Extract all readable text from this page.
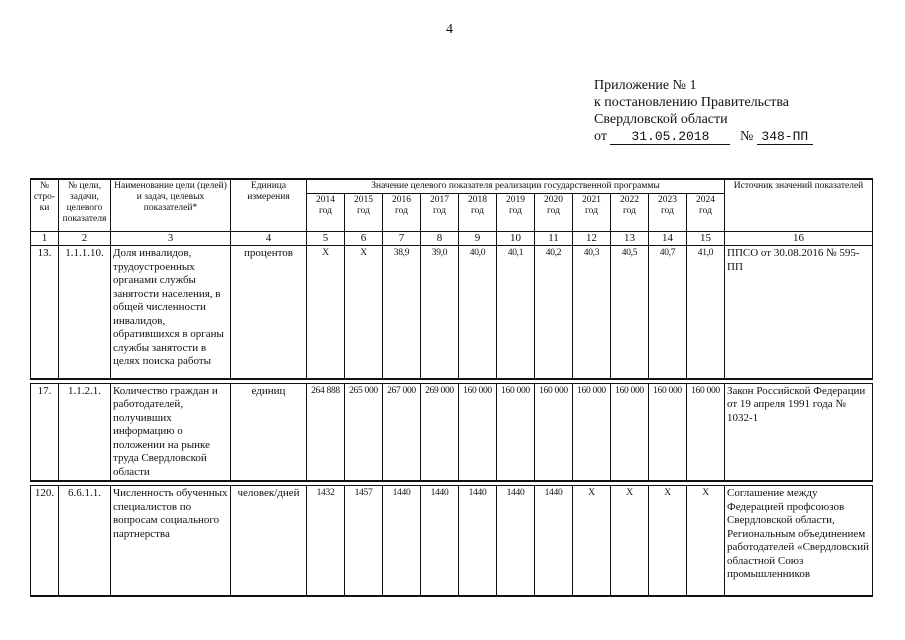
4
Приложение № 1
к постановлению Правительства
Свердловской области
от 31.05.2018 № 348-ПП
№ стро-ки	№ цели, задачи, целевого показателя	Наименование цели (целей) и задач, целевых показателей*	Единица измерения	Значение целевого показателя реализации государственной программы											Источник значений показателей
				2014 год	2015 год	2016 год	2017 год	2018 год	2019 год	2020 год	2021 год	2022 год	2023 год	2024 год	
1	2	3	4	5	6	7	8	9	10	11	12	13	14	15	16
13.	1.1.1.10.	Доля инвалидов, трудоустроенных органами службы занятости населения, в общей численности инвалидов, обратившихся в органы службы занятости в целях поиска работы	процентов	X	X	38,9	39,0	40,0	40,1	40,2	40,3	40,5	40,7	41,0	ППСО от 30.08.2016 № 595-ПП

17.	1.1.2.1.	Количество граждан и работодателей, получивших информацию о положении на рынке труда Свердловской области	единиц	264 888	265 000	267 000	269 000	160 000	160 000	160 000	160 000	160 000	160 000	160 000	Закон Российской Федерации от 19 апреля 1991 года № 1032-1

120.	6.6.1.1.	Численность обученных специалистов по вопросам социального партнерства	человек/дней	1432	1457	1440	1440	1440	1440	1440	X	X	X	X	Соглашение между Федерацией профсоюзов Свердловской области, Региональным объединением работодателей «Свердловский областной Союз промышленников
